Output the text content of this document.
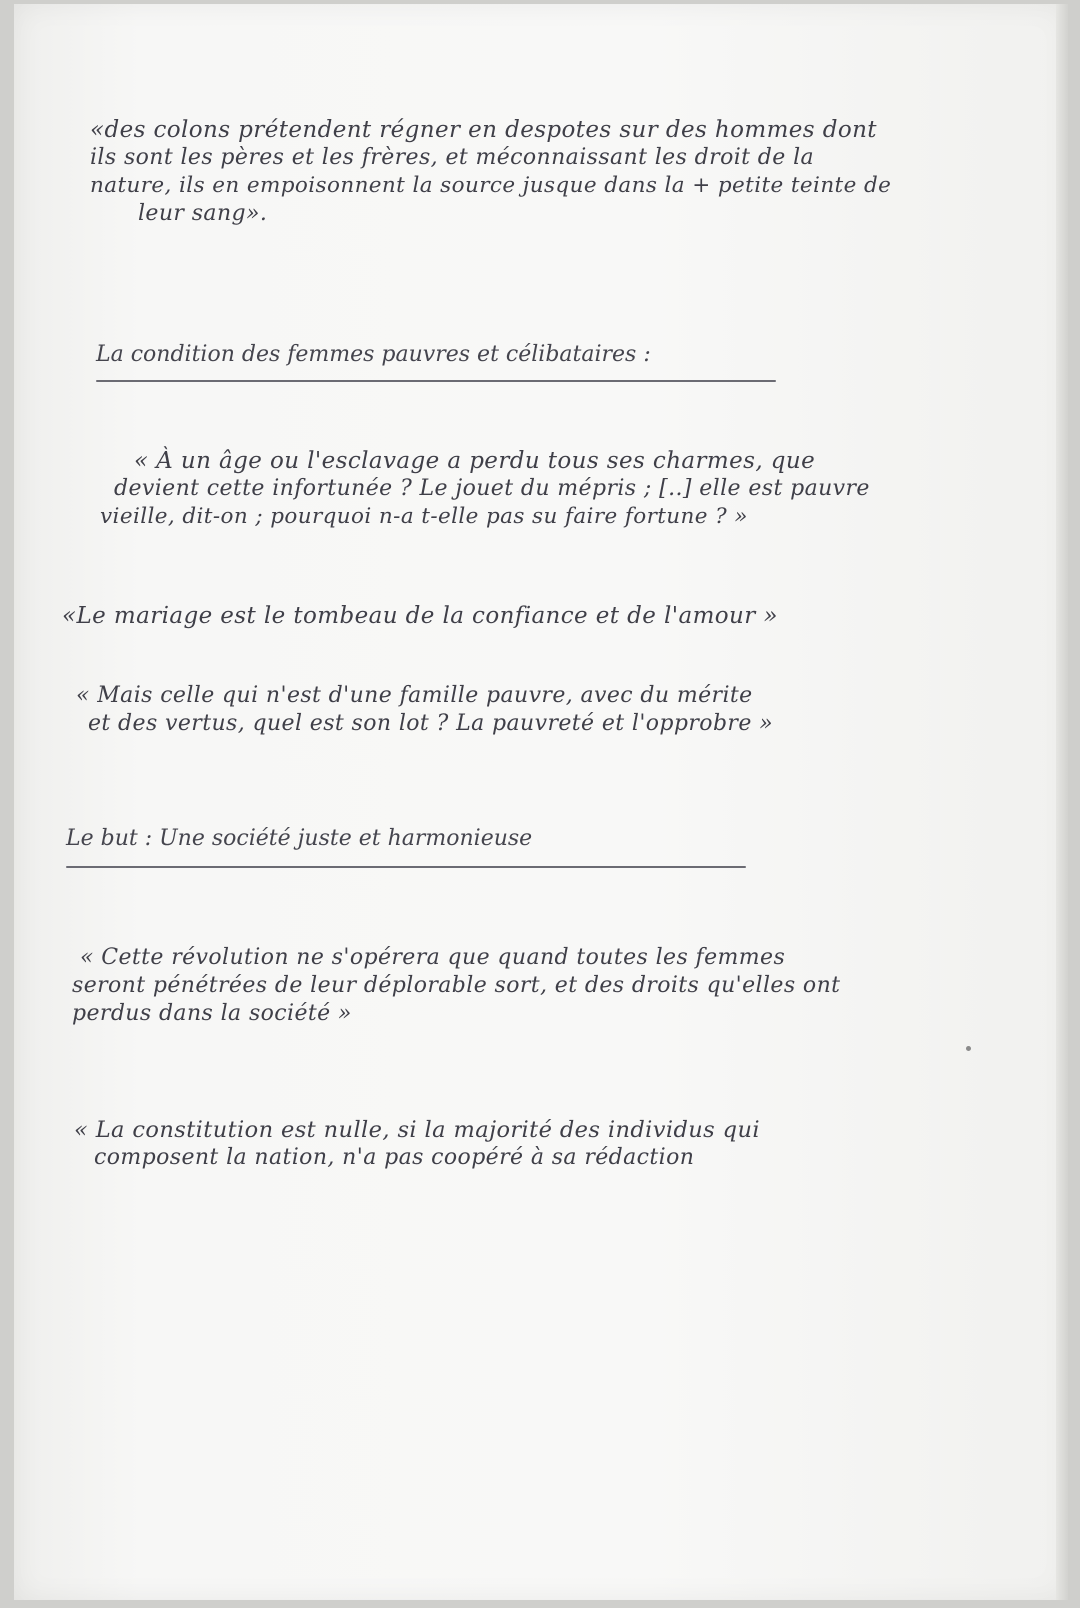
«des colons prétendent régner en despotes sur des hommes dont
ils sont les pères et les frères, et méconnaissant les droit de la
nature, ils en empoisonnent la source jusque dans la + petite teinte de
leur sang».
La condition des femmes pauvres et célibataires :
« À un âge ou l'esclavage a perdu tous ses charmes, que
devient cette infortunée ? Le jouet du mépris ; [..] elle est pauvre
vieille, dit-on ; pourquoi n-a t-elle pas su faire fortune ? »
«Le mariage est le tombeau de la confiance et de l'amour »
« Mais celle qui n'est d'une famille pauvre, avec du mérite
et des vertus, quel est son lot ? La pauvreté et l'opprobre »
Le but : Une société juste et harmonieuse
« Cette révolution ne s'opérera que quand toutes les femmes
seront pénétrées de leur déplorable sort, et des droits qu'elles ont
perdus dans la société »
« La constitution est nulle, si la majorité des individus qui
composent la nation, n'a pas coopéré à sa rédaction
